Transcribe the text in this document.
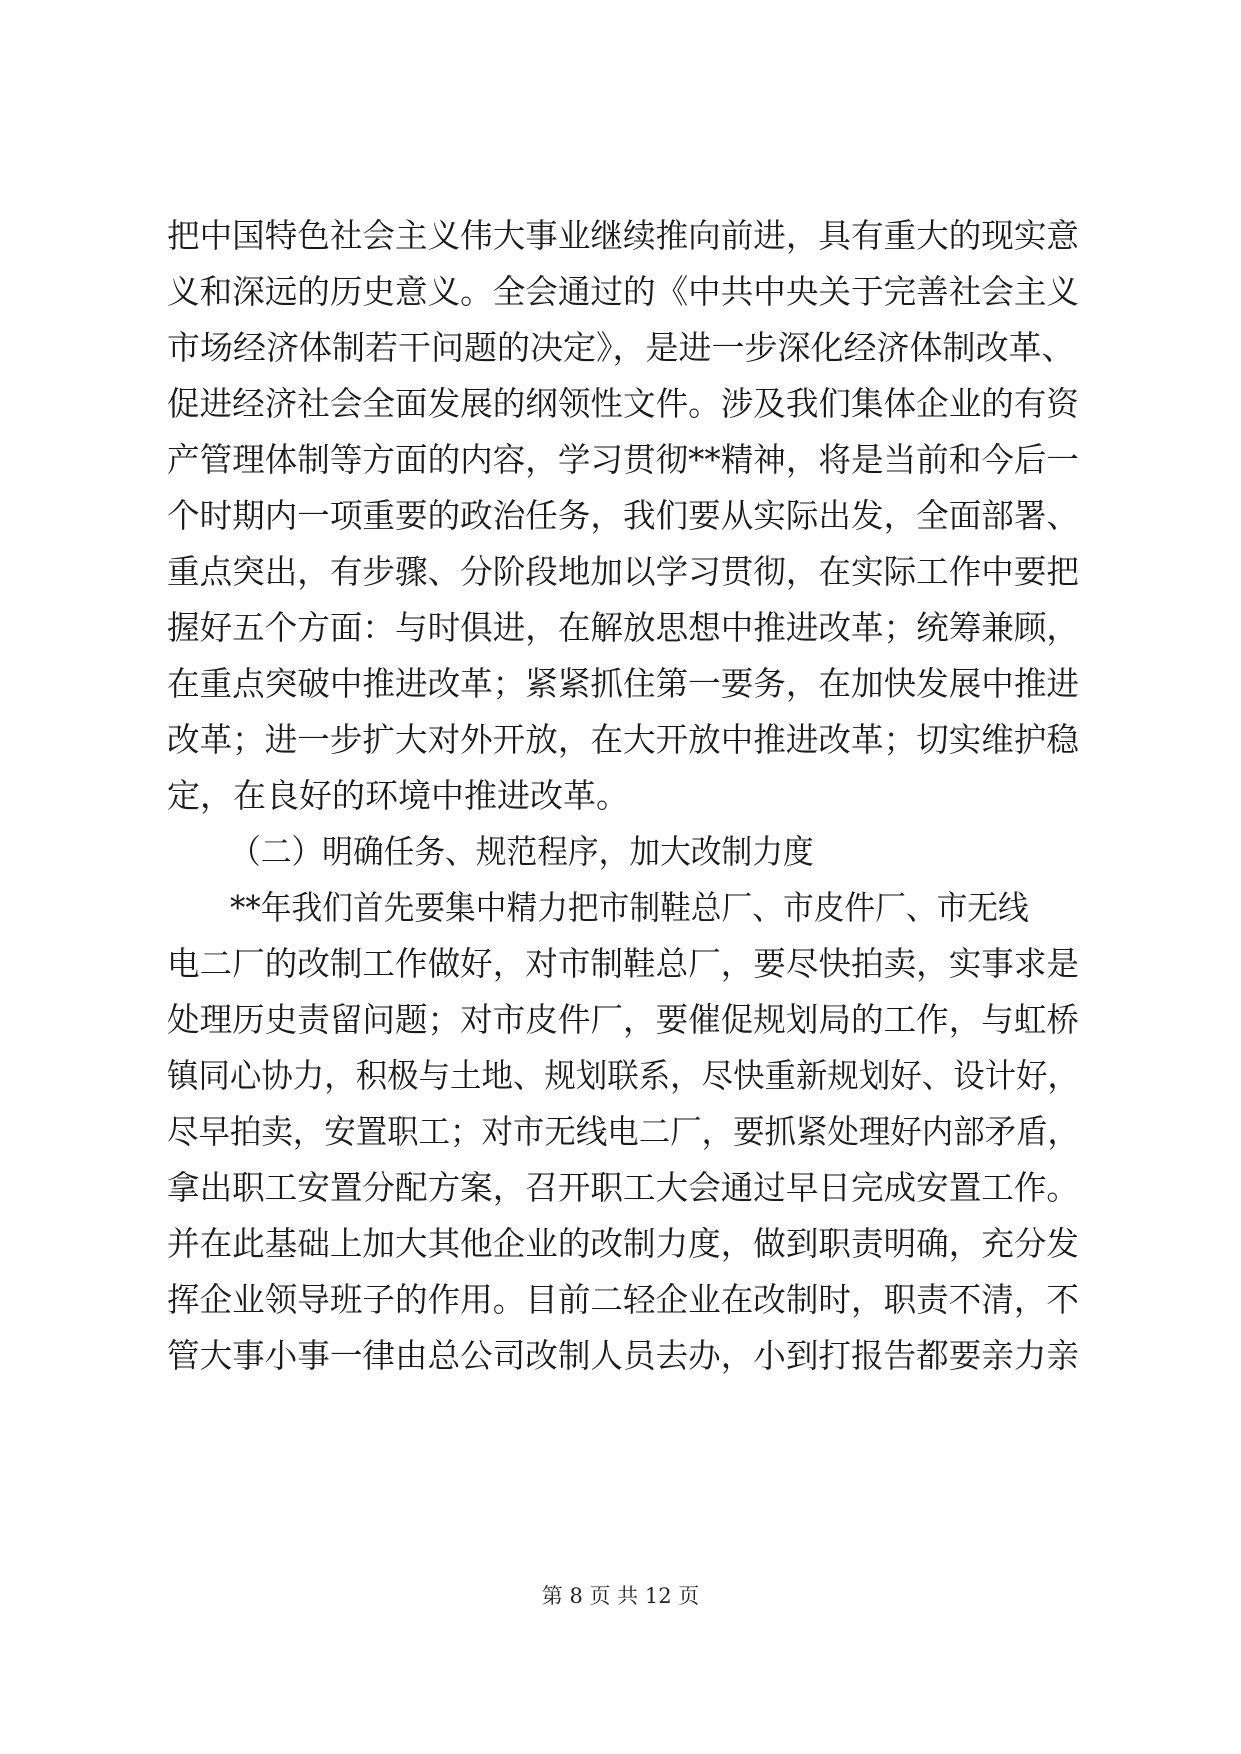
把中国特色社会主义伟大事业继续推向前进，具有重大的现实意
义和深远的历史意义。全会通过的《中共中央关于完善社会主义
市场经济体制若干问题的决定》，是进一步深化经济体制改革、
促进经济社会全面发展的纲领性文件。涉及我们集体企业的有资
产管理体制等方面的内容，学习贯彻**精神，将是当前和今后一
个时期内一项重要的政治任务，我们要从实际出发，全面部署、
重点突出，有步骤、分阶段地加以学习贯彻，在实际工作中要把
握好五个方面：与时俱进，在解放思想中推进改革；统筹兼顾，
在重点突破中推进改革；紧紧抓住第一要务，在加快发展中推进
改革；进一步扩大对外开放，在大开放中推进改革；切实维护稳
定，在良好的环境中推进改革。
（二）明确任务、规范程序，加大改制力度
**年我们首先要集中精力把市制鞋总厂、市皮件厂、市无线
电二厂的改制工作做好，对市制鞋总厂，要尽快拍卖，实事求是
处理历史责留问题；对市皮件厂，要催促规划局的工作，与虹桥
镇同心协力，积极与土地、规划联系，尽快重新规划好、设计好，
尽早拍卖，安置职工；对市无线电二厂，要抓紧处理好内部矛盾，
拿出职工安置分配方案，召开职工大会通过早日完成安置工作。
并在此基础上加大其他企业的改制力度，做到职责明确，充分发
挥企业领导班子的作用。目前二轻企业在改制时，职责不清，不
管大事小事一律由总公司改制人员去办，小到打报告都要亲力亲
第 8 页 共 12 页
